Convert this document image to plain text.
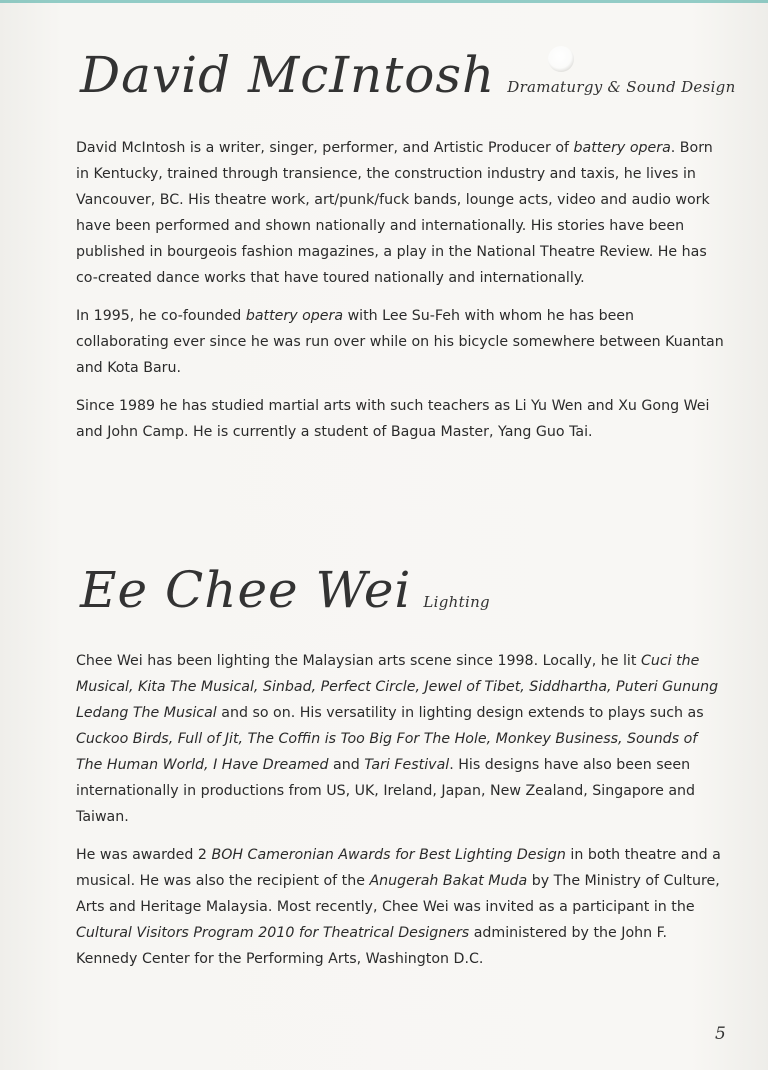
David McIntosh Dramaturgy & Sound Design

David McIntosh is a writer, singer, performer, and Artistic Producer of battery opera. Born in Kentucky, trained through transience, the construction industry and taxis, he lives in Vancouver, BC. His theatre work, art/punk/fuck bands, lounge acts, video and audio work have been performed and shown nationally and internationally. His stories have been published in bourgeois fashion magazines, a play in the National Theatre Review. He has co-created dance works that have toured nationally and internationally.

In 1995, he co-founded battery opera with Lee Su-Feh with whom he has been collaborating ever since he was run over while on his bicycle somewhere between Kuantan and Kota Baru.

Since 1989 he has studied martial arts with such teachers as Li Yu Wen and Xu Gong Wei and John Camp. He is currently a student of Bagua Master, Yang Guo Tai.

Ee Chee Wei Lighting

Chee Wei has been lighting the Malaysian arts scene since 1998. Locally, he lit Cuci the Musical, Kita The Musical, Sinbad, Perfect Circle, Jewel of Tibet, Siddhartha, Puteri Gunung Ledang The Musical and so on. His versatility in lighting design extends to plays such as Cuckoo Birds, Full of Jit, The Coffin is Too Big For The Hole, Monkey Business, Sounds of The Human World, I Have Dreamed and Tari Festival. His designs have also been seen internationally in productions from US, UK, Ireland, Japan, New Zealand, Singapore and Taiwan.

He was awarded 2 BOH Cameronian Awards for Best Lighting Design in both theatre and a musical. He was also the recipient of the Anugerah Bakat Muda by The Ministry of Culture, Arts and Heritage Malaysia. Most recently, Chee Wei was invited as a participant in the Cultural Visitors Program 2010 for Theatrical Designers administered by the John F. Kennedy Center for the Performing Arts, Washington D.C.

5
